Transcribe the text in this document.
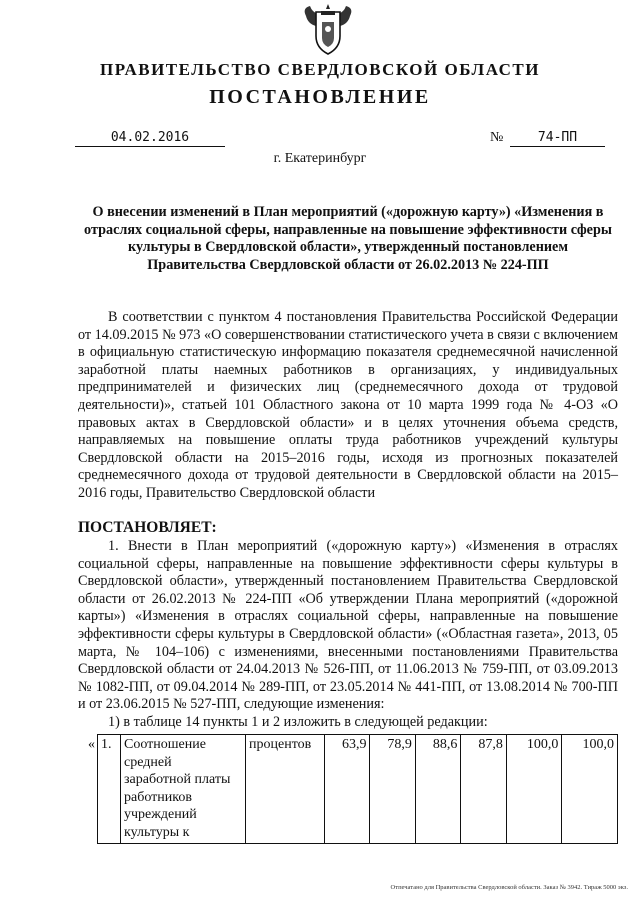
ПРАВИТЕЛЬСТВО СВЕРДЛОВСКОЙ ОБЛАСТИ
ПОСТАНОВЛЕНИЕ
04.02.2016	№	74-ПП
г. Екатеринбург
О внесении изменений в План мероприятий («дорожную карту») «Изменения в отраслях социальной сферы, направленные на повышение эффективности сферы культуры в Свердловской области», утвержденный постановлением Правительства Свердловской области от 26.02.2013 № 224-ПП
В соответствии с пунктом 4 постановления Правительства Российской Федерации от 14.09.2015 № 973 «О совершенствовании статистического учета в связи с включением в официальную статистическую информацию показателя среднемесячной начисленной заработной платы наемных работников в организациях, у индивидуальных предпринимателей и физических лиц (среднемесячного дохода от трудовой деятельности)», статьей 101 Областного закона от 10 марта 1999 года № 4-ОЗ «О правовых актах в Свердловской области» и в целях уточнения объема средств, направляемых на повышение оплаты труда работников учреждений культуры Свердловской области на 2015–2016 годы, исходя из прогнозных показателей среднемесячного дохода от трудовой деятельности в Свердловской области на 2015–2016 годы, Правительство Свердловской области
ПОСТАНОВЛЯЕТ:
1. Внести в План мероприятий («дорожную карту») «Изменения в отраслях социальной сферы, направленные на повышение эффективности сферы культуры в Свердловской области», утвержденный постановлением Правительства Свердловской области от 26.02.2013 № 224-ПП «Об утверждении Плана мероприятий («дорожной карты») «Изменения в отраслях социальной сферы, направленные на повышение эффективности сферы культуры в Свердловской области» («Областная газета», 2013, 05 марта, № 104–106) с изменениями, внесенными постановлениями Правительства Свердловской области от 24.04.2013 № 526-ПП, от 11.06.2013 № 759-ПП, от 03.09.2013 № 1082-ПП, от 09.04.2014 № 289-ПП, от 23.05.2014 № 441-ПП, от 13.08.2014 № 700-ПП и от 23.06.2015 № 527-ПП, следующие изменения:
1) в таблице 14 пункты 1 и 2 изложить в следующей редакции:
«	1.	Соотношение средней заработной платы работников учреждений культуры к	процентов	63,9	78,9	88,6	87,8	100,0	100,0
Отпечатано для Правительства Свердловской области. Заказ № 3942. Тираж 5000 экз.
